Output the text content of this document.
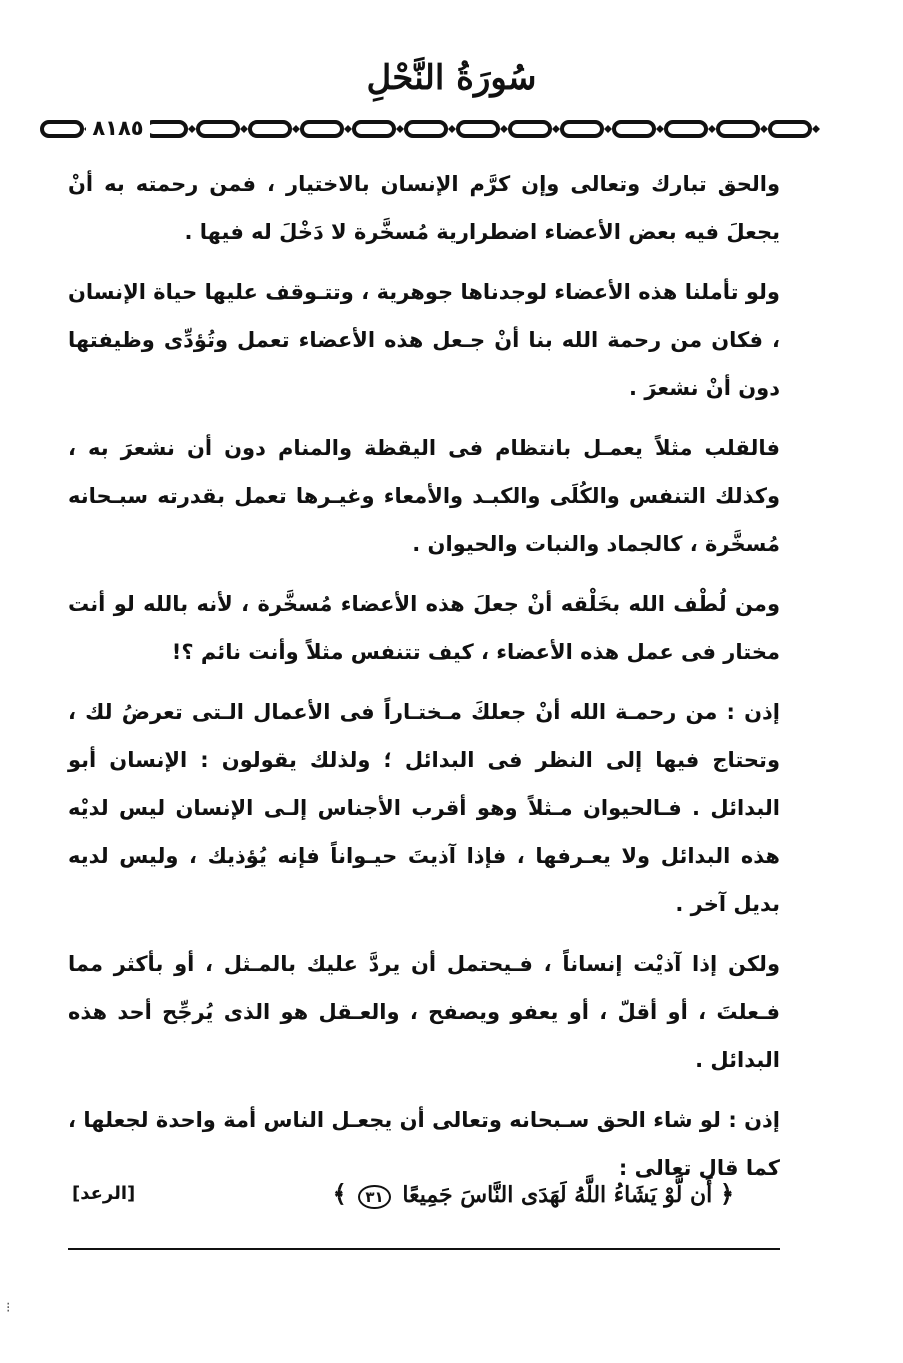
سُورَةُ النَّحْلِ
٨١٨٥

والحق تبارك وتعالى وإن كرَّم الإنسان بالاختيار ، فمن رحمته به أنْ يجعلَ فيه بعض الأعضاء اضطرارية مُسخَّرة لا دَخْلَ له فيها .

ولو تأملنا هذه الأعضاء لوجدناها جوهرية ، وتتـوقف عليها حياة الإنسان ، فكان من رحمة الله بنا أنْ جـعل هذه الأعضاء تعمل وتُؤدِّى وظيفتها دون أنْ نشعرَ .

فالقلب مثلاً يعمـل بانتظام فى اليقظة والمنام دون أن نشعرَ به ، وكذلك التنفس والكُلَى والكبـد والأمعاء وغيـرها تعمل بقدرته سبـحانه مُسخَّرة ، كالجماد والنبات والحيوان .

ومن لُطْف الله بخَلْقه أنْ جعلَ هذه الأعضاء مُسخَّرة ، لأنه بالله لو أنت مختار فى عمل هذه الأعضاء ، كيف تتنفس مثلاً وأنت نائم ؟!

إذن : من رحمـة الله أنْ جعلكَ مـختـاراً فى الأعمال الـتى تعرضُ لك ، وتحتاج فيها إلى النظر فى البدائل ؛ ولذلك يقولون : الإنسان أبو البدائل . فـالحيوان مـثلاً وهو أقرب الأجناس إلـى الإنسان ليس لديْه هذه البدائل ولا يعـرفها ، فإذا آذيتَ حيـواناً فإنه يُؤذيك ، وليس لديه بديل آخر .

ولكن إذا آذيْت إنساناً ، فـيحتمل أن يردَّ عليك بالمـثل ، أو بأكثر مما فـعلتَ ، أو أقلّ ، أو يعفو ويصفح ، والعـقل هو الذى يُرجِّح أحد هذه البدائل .

إذن : لو شاء الحق سـبحانه وتعالى أن يجعـل الناس أمة واحدة لجعلها ، كما قال تعالى :

﴿ أَن لَّوْ يَشَاءُ اللَّهُ لَهَدَى النَّاسَ جَمِيعًا ٣١ ﴾
[الرعد]
⁝
